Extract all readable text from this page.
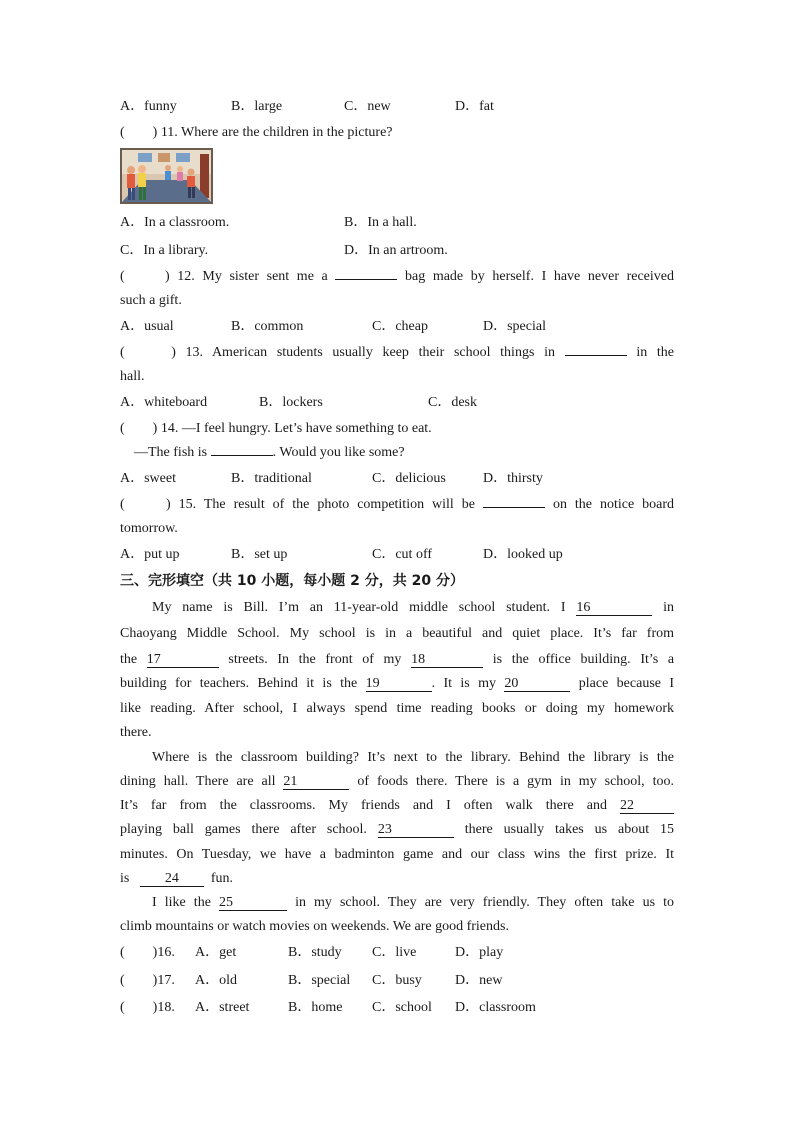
A．funny	B．large	C．new	D．fat
(　　) 11. Where are the children in the picture?
A．In a classroom.	B．In a hall.
C．In a library.	D．In an artroom.
(　　) 12. My sister sent me a	bag made by herself. I have never received
such a gift.
A．usual	B．common	C．cheap	D．special
(　　) 13. American students usually keep their school things in	in the
hall.
A．whiteboard	B．lockers	C．desk
(　　) 14. —I feel hungry. Let’s have something to eat.
—The fish is	. Would you like some?
A．sweet	B．traditional	C．delicious	D．thirsty
(　　) 15. The result of the photo competition will be	on the notice board
tomorrow.
A．put up	B．set up	C．cut off	D．looked up
三、完形填空（共 10 小题，每小题 2 分，共 20 分）
My name is Bill. I’m an 11-year-old middle school student. I 16	in
Chaoyang Middle School. My school is in a beautiful and quiet place. It’s far from
the 17	streets. In the front of my 18	is the office building. It’s a
building for teachers. Behind it is the 19	. It is my 20	place because I
like reading. After school, I always spend time reading books or doing my homework
there.
Where is the classroom building? It’s next to the library. Behind the library is the
dining hall. There are all 21	of foods there. There is a gym in my school, too.
It’s far from the classrooms. My friends and I often walk there and 22
playing ball games there after school. 23	there usually takes us about 15
minutes. On Tuesday, we have a badminton game and our class wins the first prize. It
is	24 fun.
I like the 25	in my school. They are very friendly. They often take us to
climb mountains or watch movies on weekends. We are good friends.
(　　)16. A．get	B．study C．live	D．play
(　　)17. A．old	B．special C．busy D．new
(　　)18. A．street	B．home C．school D．classroom
